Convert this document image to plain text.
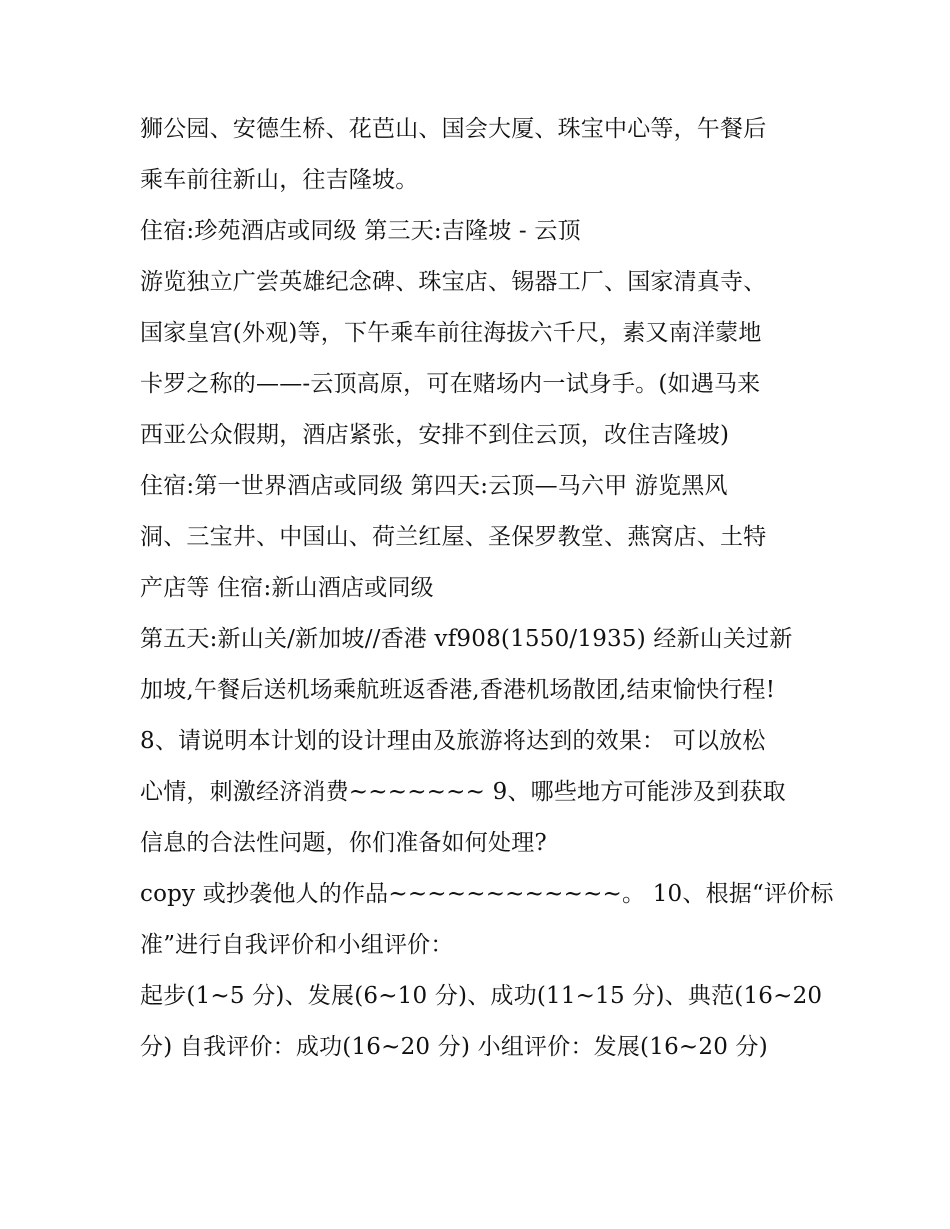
狮公园、安德生桥、花芭山、国会大厦、珠宝中心等，午餐后
乘车前往新山，往吉隆坡。
住宿:珍苑酒店或同级 第三天:吉隆坡 - 云顶
游览独立广尝英雄纪念碑、珠宝店、锡器工厂、国家清真寺、
国家皇宫(外观)等，下午乘车前往海拔六千尺，素又南洋蒙地
卡罗之称的——-云顶高原，可在赌场内一试身手。(如遇马来
西亚公众假期，酒店紧张，安排不到住云顶，改住吉隆坡)
住宿:第一世界酒店或同级 第四天:云顶—马六甲 游览黑风
洞、三宝井、中国山、荷兰红屋、圣保罗教堂、燕窝店、土特
产店等 住宿:新山酒店或同级
第五天:新山关/新加坡//香港 vf908(1550/1935) 经新山关过新
加坡,午餐后送机场乘航班返香港,香港机场散团,结束愉快行程!
8、请说明本计划的设计理由及旅游将达到的效果： 可以放松
心情，刺激经济消费~~~~~~~ 9、哪些地方可能涉及到获取
信息的合法性问题，你们准备如何处理?
copy 或抄袭他人的作品~~~~~~~~~~~~。 10、根据“评价标
准”进行自我评价和小组评价：
起步(1~5 分)、发展(6~10 分)、成功(11~15 分)、典范(16~20
分) 自我评价：成功(16~20 分) 小组评价：发展(16~20 分)
